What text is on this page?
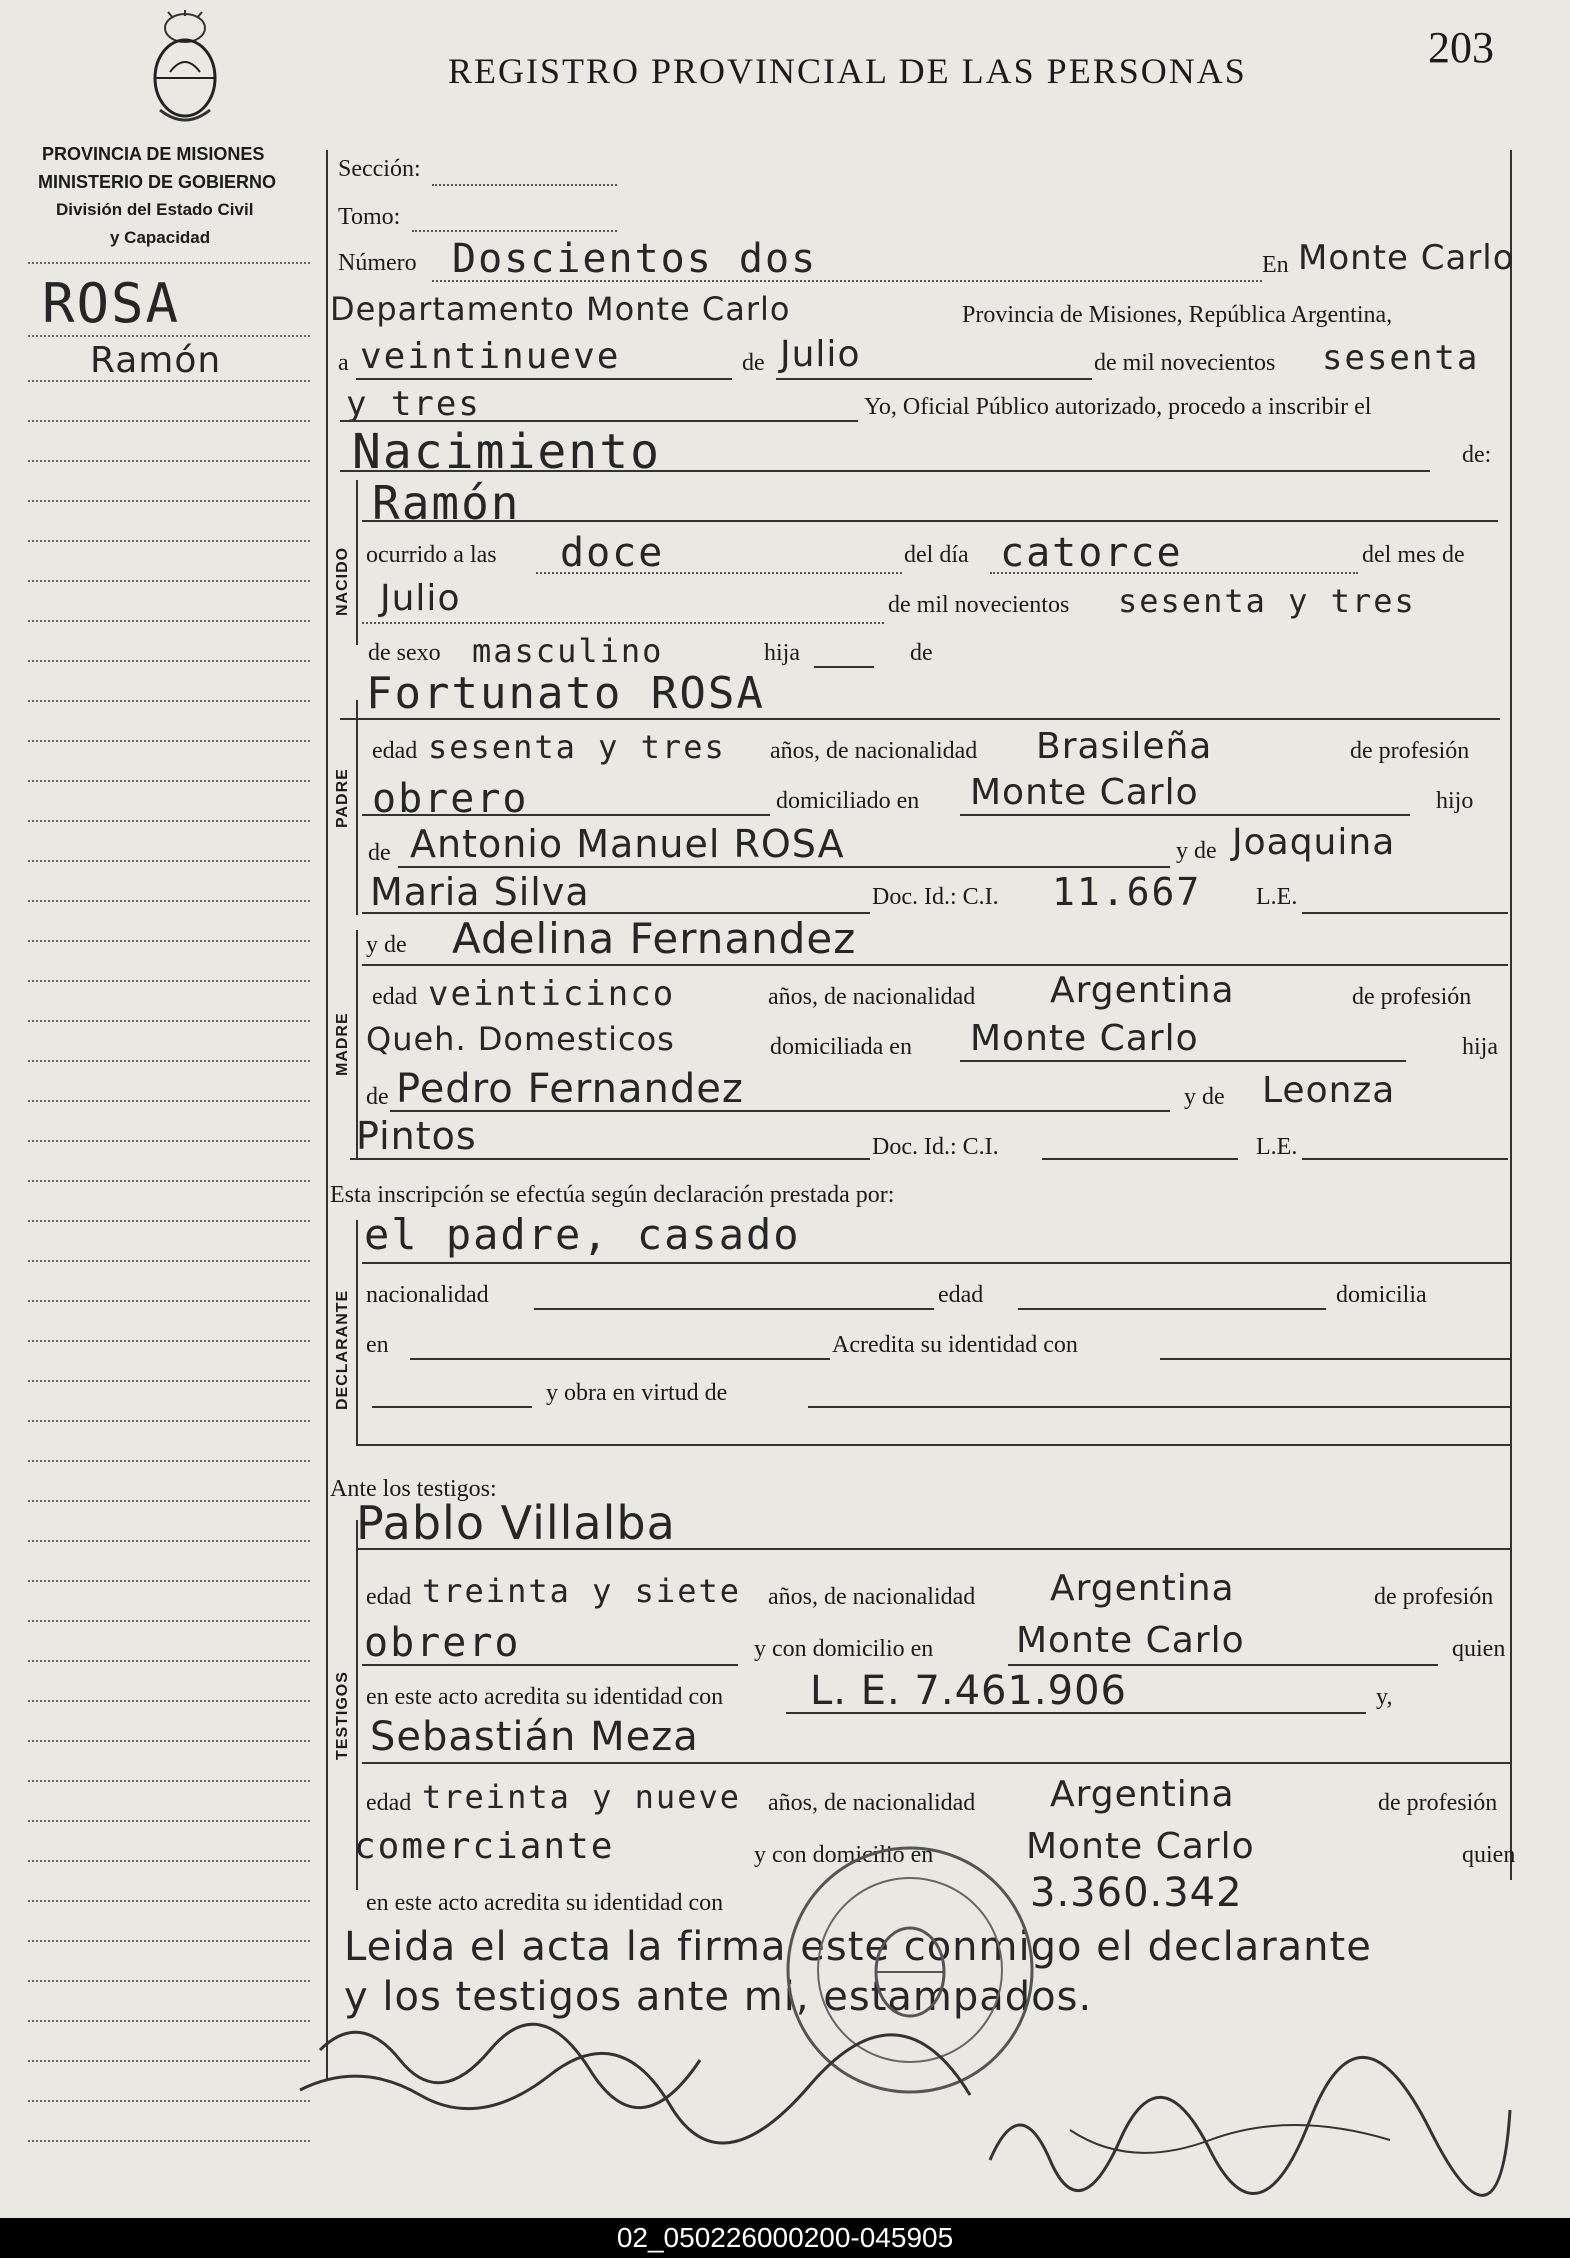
REGISTRO PROVINCIAL DE LAS PERSONAS	203
PROVINCIA DE MISIONES
MINISTERIO DE GOBIERNO
División del Estado Civil
y Capacidad
ROSA
Ramón
Sección:
Tomo:
Número Doscientos dos	En Monte Carlo
Departamento Monte Carlo	Provincia de Misiones, República Argentina,
a veintinueve	de Julio	de mil novecientos sesenta
y tres	Yo, Oficial Público autorizado, procedo a inscribir el
Nacimiento	de:
NACIDO
Ramón
ocurrido a las doce	del día catorce	del mes de
Julio	de mil novecientos sesenta y tres
de sexo masculino	hija	de
PADRE
Fortunato ROSA
edad sesenta y tres años, de nacionalidad Brasileña	de profesión
obrero	domiciliado en Monte Carlo	hijo
de Antonio Manuel ROSA	y de Joaquina
Maria Silva	Doc. Id.: C.I. 11.667 L.E.
MADRE
y de Adelina Fernandez
edad veinticinco	años, de nacionalidad Argentina	de profesión
Queh. Domesticos	domiciliada en Monte Carlo	hija
de Pedro Fernandez	y de Leonza
Pintos	Doc. Id.: C.I.	L.E.
Esta inscripción se efectúa según declaración prestada por:
DECLARANTE
el padre, casado
nacionalidad	edad	domicilia
en	Acredita su identidad con
y obra en virtud de
Ante los testigos:
TESTIGOS
Pablo Villalba
edad treinta y siete años, de nacionalidad Argentina	de profesión
obrero	y con domicilio en Monte Carlo	quien
en este acto acredita su identidad con L. E. 7.461.906	y,
Sebastián Meza
edad treinta y nueve años, de nacionalidad Argentina	de profesión
comerciante	y con domicilio en	Monte Carlo	quien
en este acto acredita su identidad con	3.360.342
Leida el acta la firma este conmigo el declarante
y los testigos ante mi, estampados.
02_050226000200-045905
